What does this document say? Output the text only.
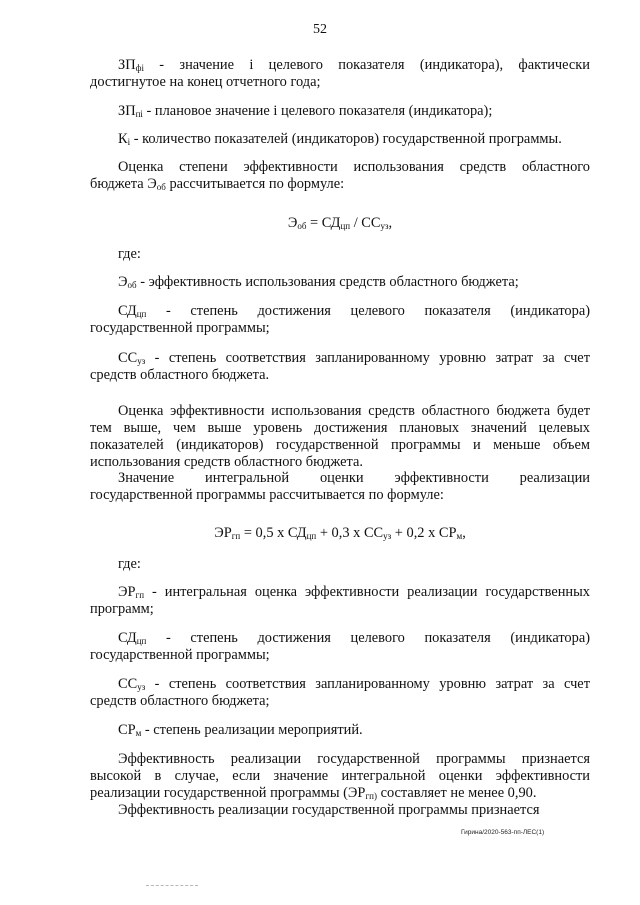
52
$ЗП_{фi}$ - значение i целевого показателя (индикатора), фактически
достигнутое на конец отчетного года;
$ЗП_{пi}$ - плановое значение i целевого показателя (индикатора);
$К_i$ - количество показателей (индикаторов) государственной программы.
Оценка степени эффективности использования средств областного
бюджета $Э_{об}$ рассчитывается по формуле:
$Э_{об} = СД_{цп} / СС_{уз}$,
где:
$Э_{об}$ - эффективность использования средств областного бюджета;
$СД_{цп}$ - степень достижения целевого показателя (индикатора)
государственной программы;
$СС_{уз}$ - степень соответствия запланированному уровню затрат за счет
средств областного бюджета.
Оценка эффективности использования средств областного бюджета будет
тем выше, чем выше уровень достижения плановых значений целевых
показателей (индикаторов) государственной программы и меньше объем
использования средств областного бюджета.
Значение интегральной оценки эффективности реализации
государственной программы рассчитывается по формуле:
$ЭР_{гп} = 0,5$ х $СД_{цп} + 0,3$ х $СС_{уз} + 0,2$ х $СР_м$,
где:
$ЭР_{гп}$ - интегральная оценка эффективности реализации государственных
программ;
$СД_{цп}$ - степень достижения целевого показателя (индикатора)
государственной программы;
$СС_{уз}$ - степень соответствия запланированному уровню затрат за счет
средств областного бюджета;
$СР_м$ - степень реализации мероприятий.
Эффективность реализации государственной программы признается
высокой в случае, если значение интегральной оценки эффективности
реализации государственной программы ($ЭР_{гп)}$ составляет не менее 0,90.
Эффективность реализации государственной программы признается
Гирина/2020-563-пп-ЛЕС(1)
